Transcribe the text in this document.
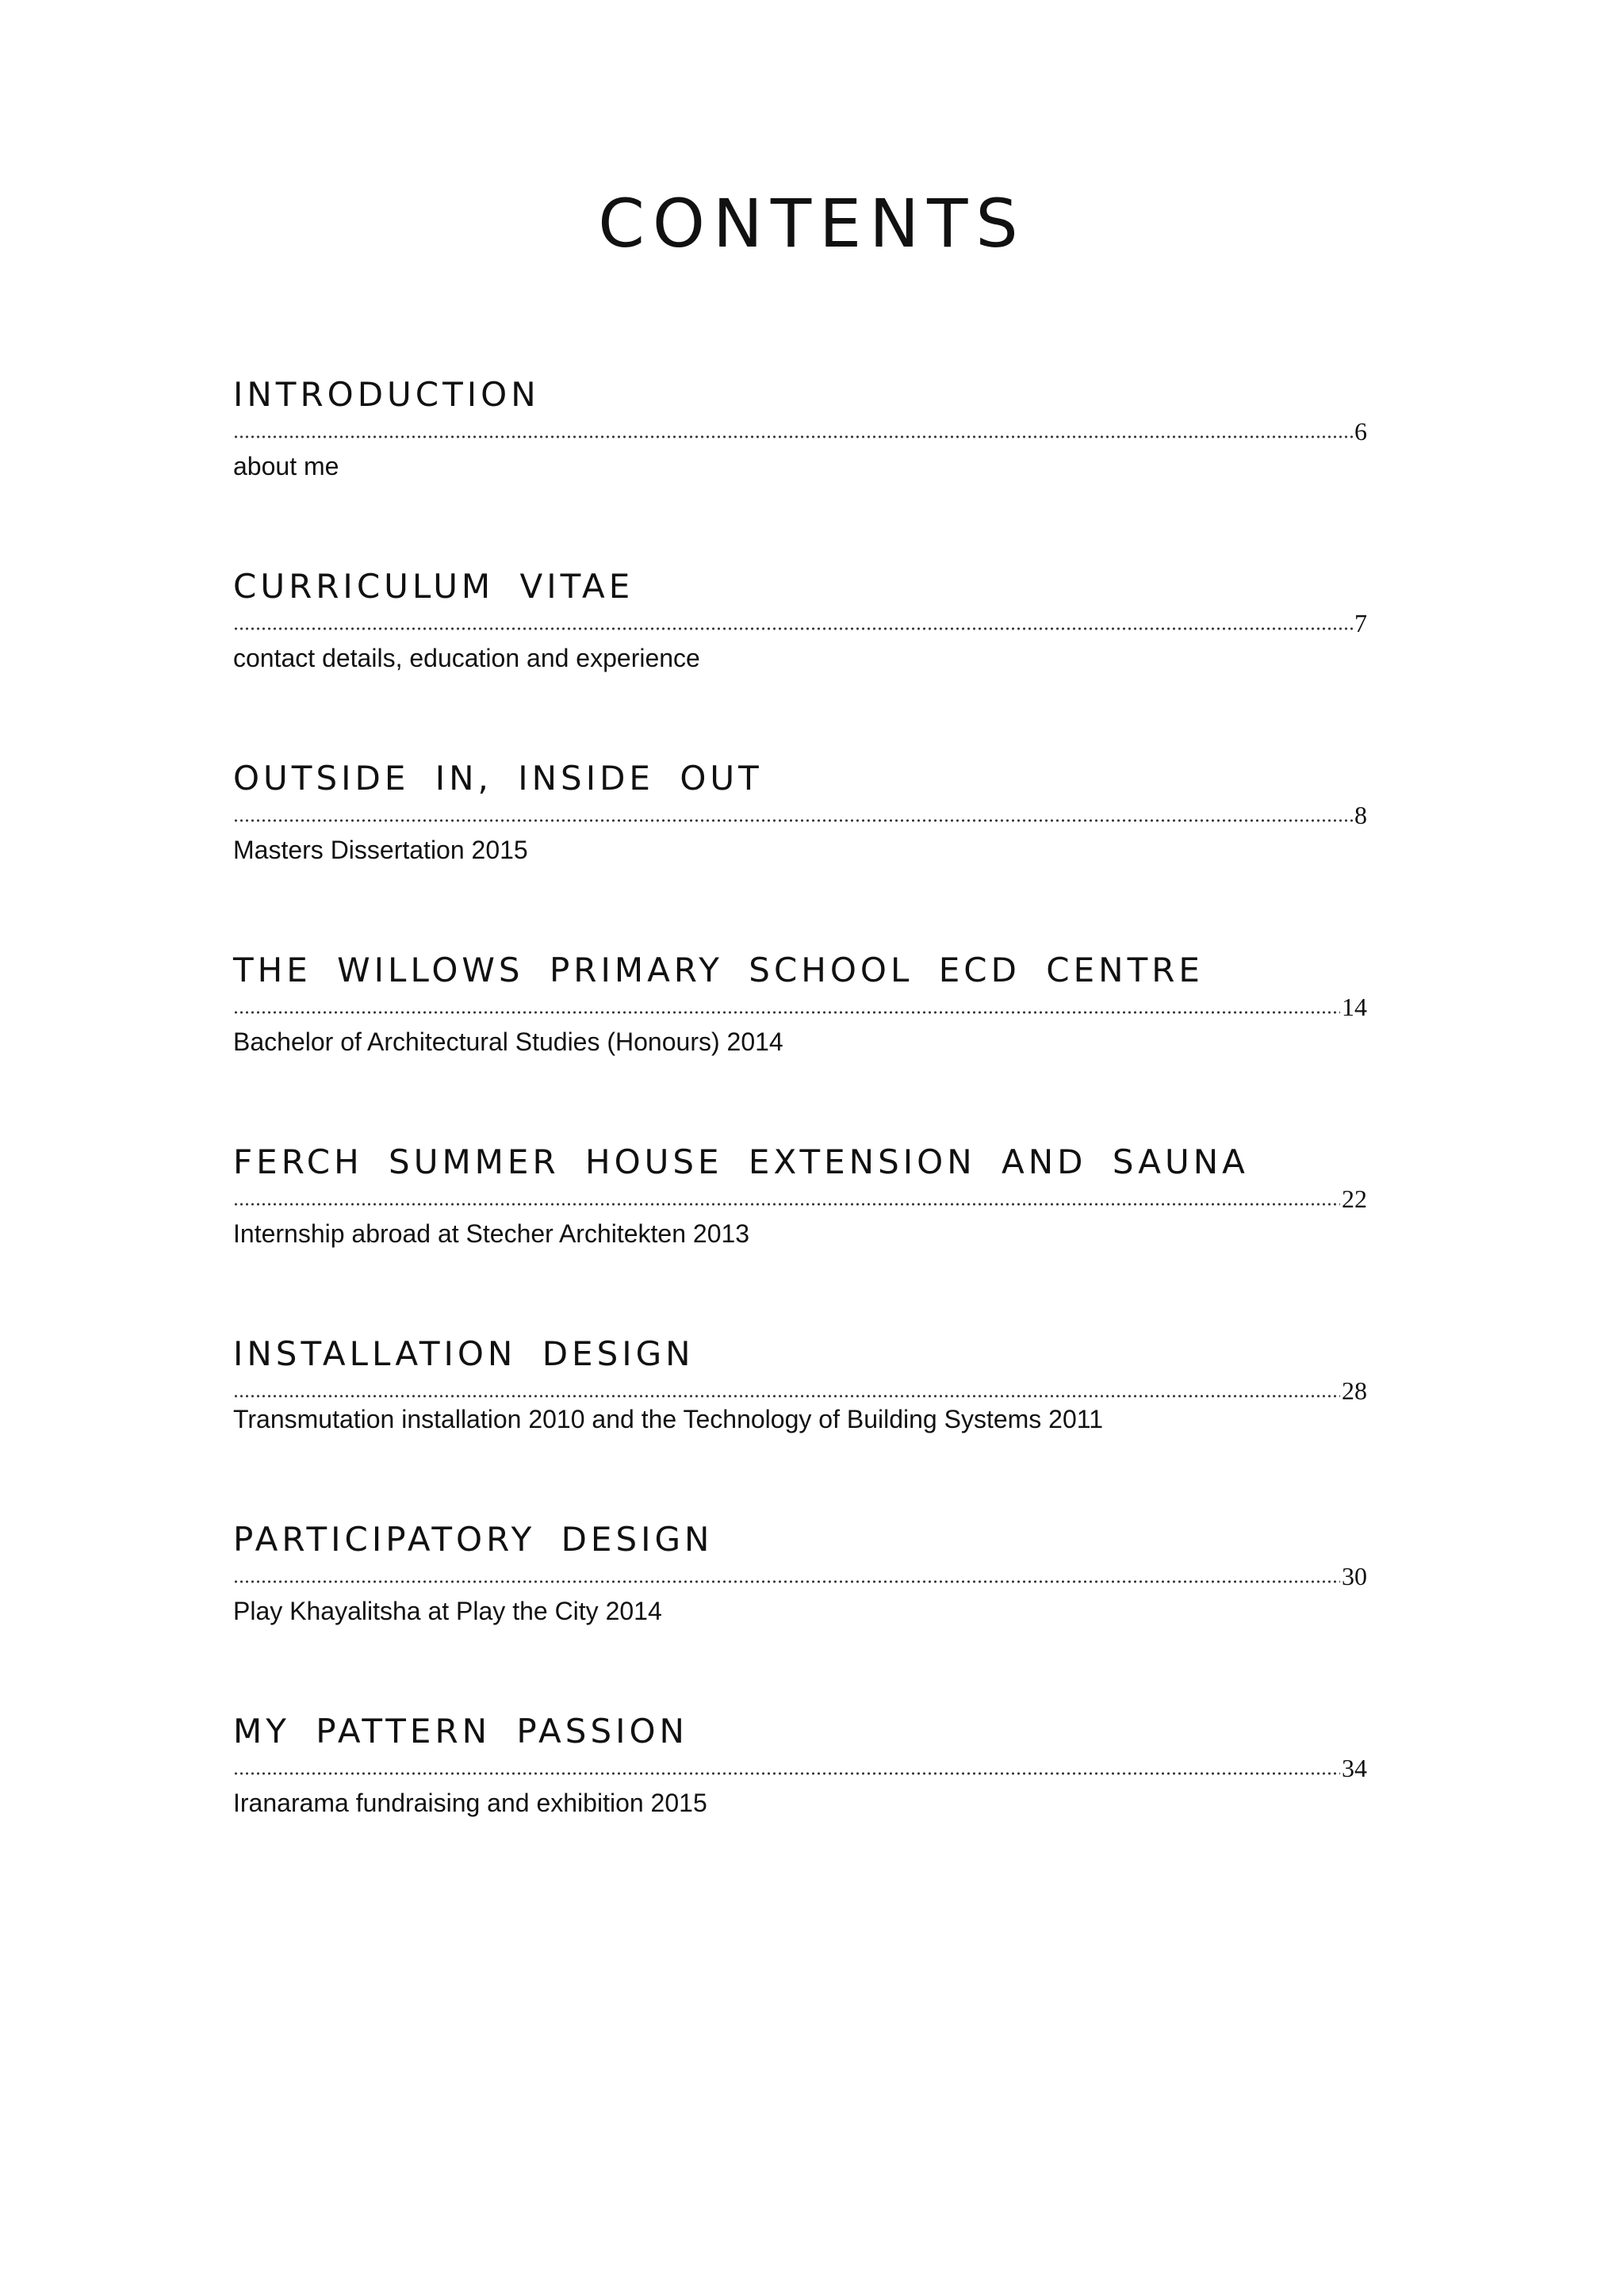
CONTENTS
INTRODUCTION
6
about me
CURRICULUM VITAE
7
contact details, education and experience
OUTSIDE IN, INSIDE OUT
8
Masters Dissertation 2015
THE WILLOWS PRIMARY SCHOOL ECD CENTRE
14
Bachelor of Architectural Studies (Honours) 2014
FERCH SUMMER HOUSE EXTENSION AND SAUNA
22
Internship abroad at Stecher Architekten 2013
INSTALLATION DESIGN
28
Transmutation installation 2010 and the Technology of Building Systems 2011
PARTICIPATORY DESIGN
30
Play Khayalitsha at Play the City 2014
MY PATTERN PASSION
34
Iranarama fundraising and exhibition 2015
